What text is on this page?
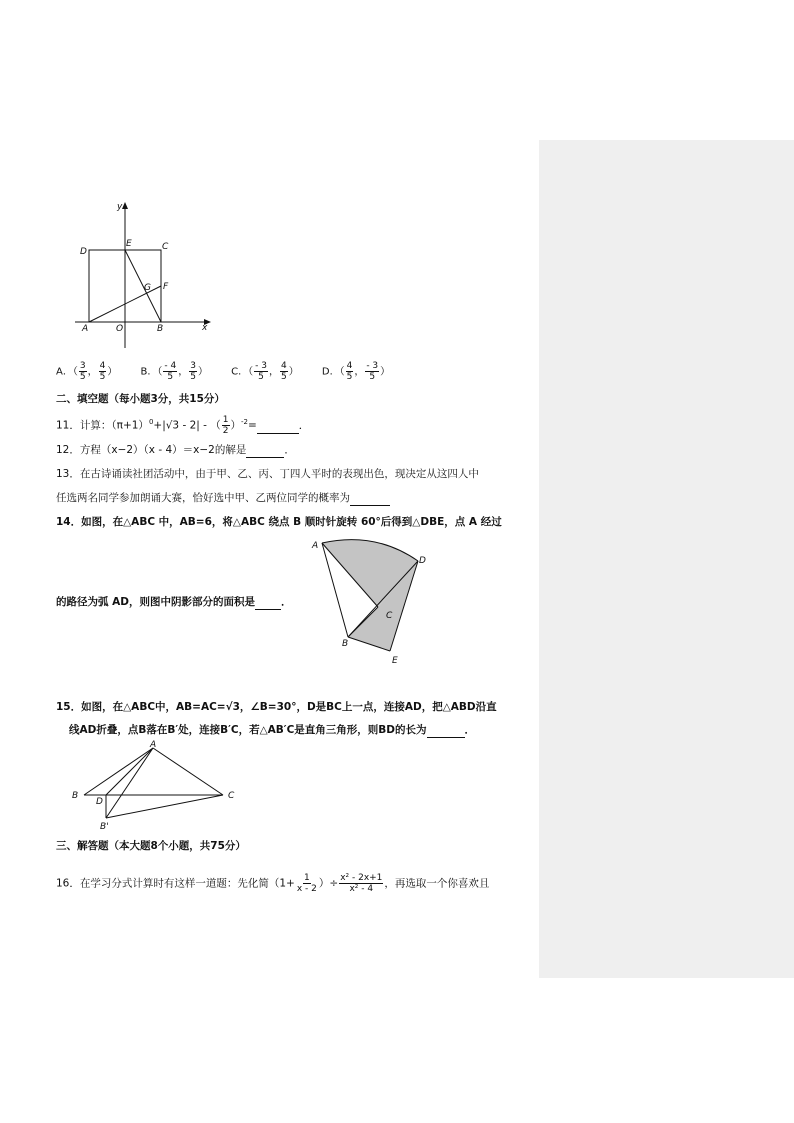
y
x
D
E	C
G F
A	O	B
A．（ $\frac{3}{5}$ ， $\frac{4}{5}$ ） B．（ $\frac{- 4}{5}$ ， $\frac{3}{5}$ ） C．（ $\frac{- 3}{5}$ ， $\frac{4}{5}$ ） D．（ $\frac{4}{5}$ ， $\frac{- 3}{5}$ ）
二、填空题（每小题3分，共15分）
11．计算：$(\pi+1)^0+|√3 - 2|$ - （ $\frac{1}{2} )^{-2}=$	．
12．方程（x−2）（x - 4）＝x−2的解是	．
13．在古诗诵读社团活动中，由于甲、乙、丙、丁四人平时的表现出色，现决定从这四人中
任选两名同学参加朗诵大赛，恰好选中甲、乙两位同学的概率为
14．如图，在△ABC 中，AB=6，将△ABC 绕点 B 顺时针旋转 60°后得到△DBE，点 A 经过
的路径为弧 AD，则图中阴影部分的面积是 ．
A
D
C
B
E
15．如图，在△ABC中，AB=AC=√3，∠B=30°，D是BC上一点，连接AD，把△ABD沿直
线AD折叠，点B落在B′处，连接B′C，若△AB′C是直角三角形，则BD的长为	．
A
B
D
C
B'
三、解答题（本大题8个小题，共75分）
16．在学习分式计算时有这样一道题：先化简（$1+ \frac{1}{x - 2}$ ）÷ $\frac{\text{x² - 2x+1}}{\text{x² - 4}}$ ，再选取一个你喜欢且
